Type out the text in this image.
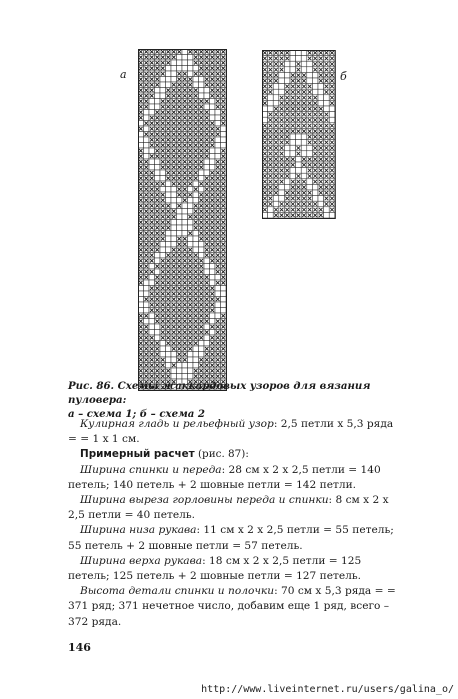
а	б
Рис. 86. Схемы жаккардовых узоров для вязания пуловера:
а – схема 1; б – схема 2

Кулирная гладь и рельефный узор: 2,5 петли х 5,3 ряда = = 1 х 1 см.

Примерный расчет (рис. 87):

Ширина спинки и переда: 28 см х 2 х 2,5 петли = 140 петель; 140 петель + 2 шовные петли = 142 петли.

Ширина выреза горловины переда и спинки: 8 см х 2 х 2,5 петли = 40 петель.

Ширина низа рукава: 11 см х 2 х 2,5 петли = 55 петель; 55 петель + 2 шовные петли = 57 петель.

Ширина верха рукава: 18 см х 2 х 2,5 петли = 125 петель; 125 петель + 2 шовные петли = 127 петель.

Высота детали спинки и полочки: 70 см х 5,3 ряда = = 371 ряд; 371 нечетное число, добавим еще 1 ряд, всего – 372 ряда.

146
http://www.liveinternet.ru/users/galina_o/
